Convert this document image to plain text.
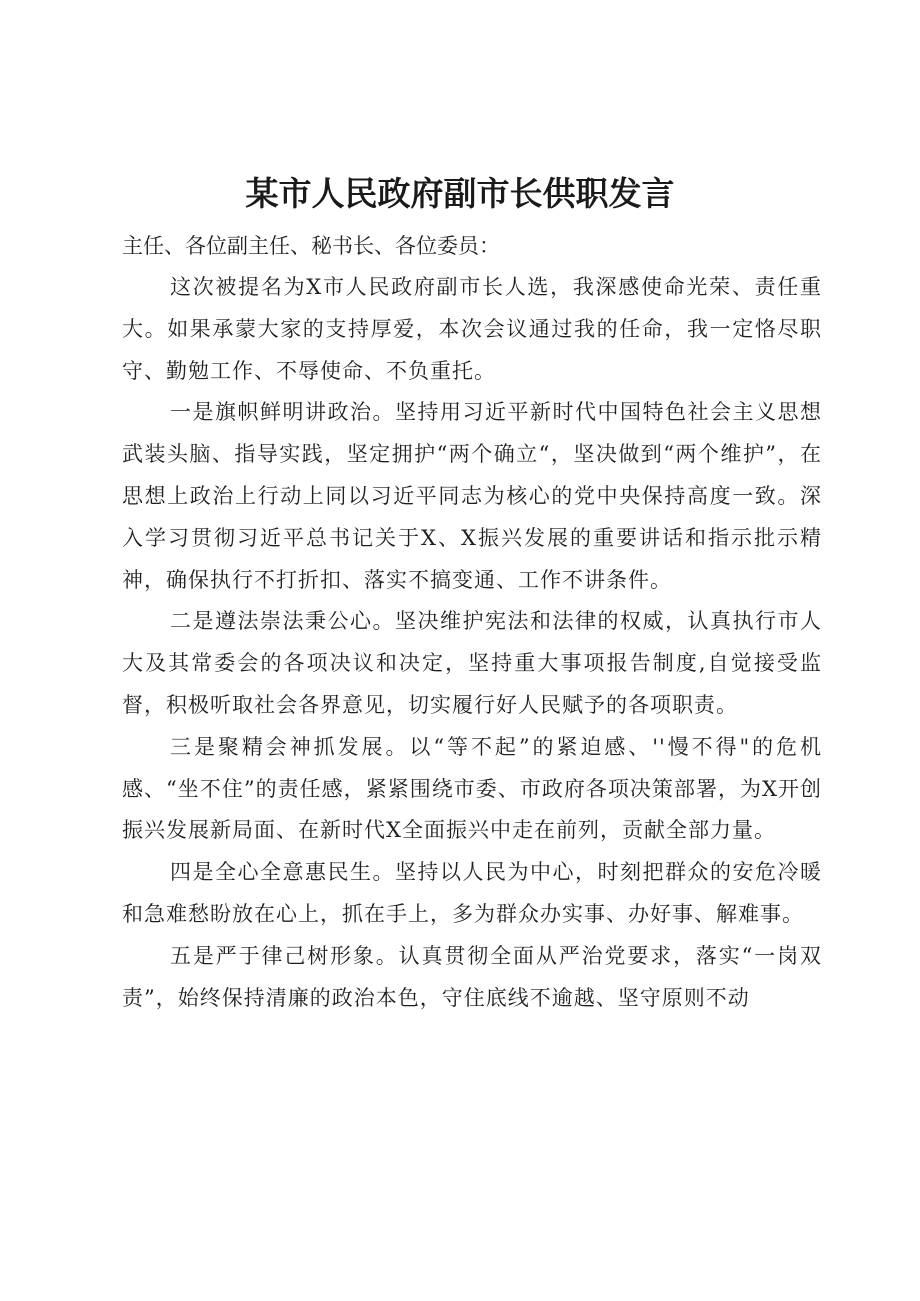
某市人民政府副市长供职发言

主任、各位副主任、秘书长、各位委员：

这次被提名为X市人民政府副市长人选，我深感使命光荣、责任重大。如果承蒙大家的支持厚爱，本次会议通过我的任命，我一定恪尽职守、勤勉工作、不辱使命、不负重托。

一是旗帜鲜明讲政治。坚持用习近平新时代中国特色社会主义思想武装头脑、指导实践，坚定拥护“两个确立“，坚决做到“两个维护”，在思想上政治上行动上同以习近平同志为核心的党中央保持高度一致。深入学习贯彻习近平总书记关于X、X振兴发展的重要讲话和指示批示精神，确保执行不打折扣、落实不搞变通、工作不讲条件。

二是遵法崇法秉公心。坚决维护宪法和法律的权威，认真执行市人大及其常委会的各项决议和决定，坚持重大事项报告制度,自觉接受监督，积极听取社会各界意见，切实履行好人民赋予的各项职责。

三是聚精会神抓发展。以“等不起”的紧迫感、''慢不得"的危机感、“坐不住”的责任感，紧紧围绕市委、市政府各项决策部署，为X开创振兴发展新局面、在新时代X全面振兴中走在前列，贡献全部力量。

四是全心全意惠民生。坚持以人民为中心，时刻把群众的安危冷暖和急难愁盼放在心上，抓在手上，多为群众办实事、办好事、解难事。

五是严于律己树形象。认真贯彻全面从严治党要求，落实“一岗双责”，始终保持清廉的政治本色，守住底线不逾越、坚守原则不动
